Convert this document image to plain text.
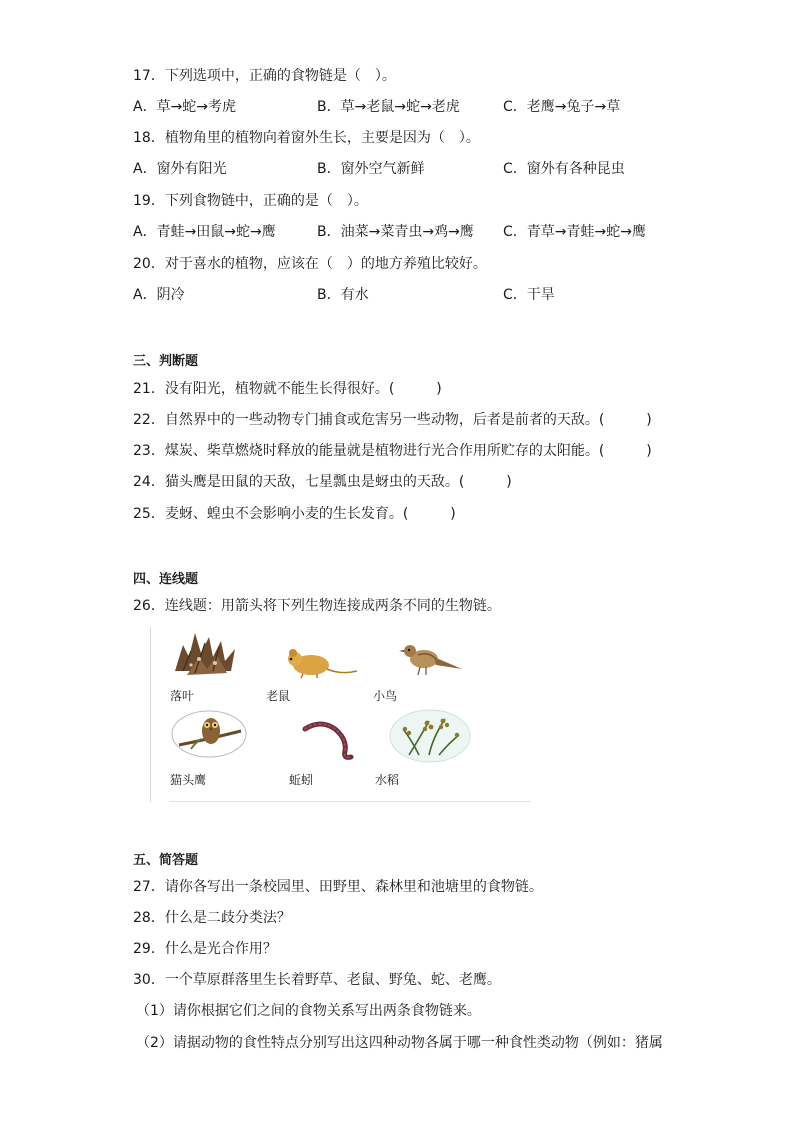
17．下列选项中，正确的食物链是（　）。
A．草→蛇→考虎	B．草→老鼠→蛇→老虎	C．老鹰→兔子→草
18．植物角里的植物向着窗外生长，主要是因为（　）。
A．窗外有阳光	B．窗外空气新鲜	C．窗外有各种昆虫
19．下列食物链中，正确的是（　）。
A．青蛙→田鼠→蛇→鹰	B．油菜→菜青虫→鸡→鹰 C．青草→青蛙→蛇→鹰
20．对于喜水的植物，应该在（　）的地方养殖比较好。
A．阴冷	B．有水	C．干旱
三、判断题
21．没有阳光，植物就不能生长得很好。(　　　)
22．自然界中的一些动物专门捕食或危害另一些动物，后者是前者的天敌。(　　　)
23．煤炭、柴草燃烧时释放的能量就是植物进行光合作用所贮存的太阳能。(　　　)
24．猫头鹰是田鼠的天敌，七星瓢虫是蚜虫的天敌。(　　　)
25．麦蚜、蝗虫不会影响小麦的生长发育。(　　　)
四、连线题
26．连线题：用箭头将下列生物连接成两条不同的生物链。
落叶	老鼠	小鸟
猫头鹰	蚯蚓	水稻
五、简答题
27．请你各写出一条校园里、田野里、森林里和池塘里的食物链。
28．什么是二歧分类法？
29．什么是光合作用？
30．一个草原群落里生长着野草、老鼠、野兔、蛇、老鹰。
（1）请你根据它们之间的食物关系写出两条食物链来。
（2）请据动物的食性特点分别写出这四种动物各属于哪一种食性类动物（例如：猪属
